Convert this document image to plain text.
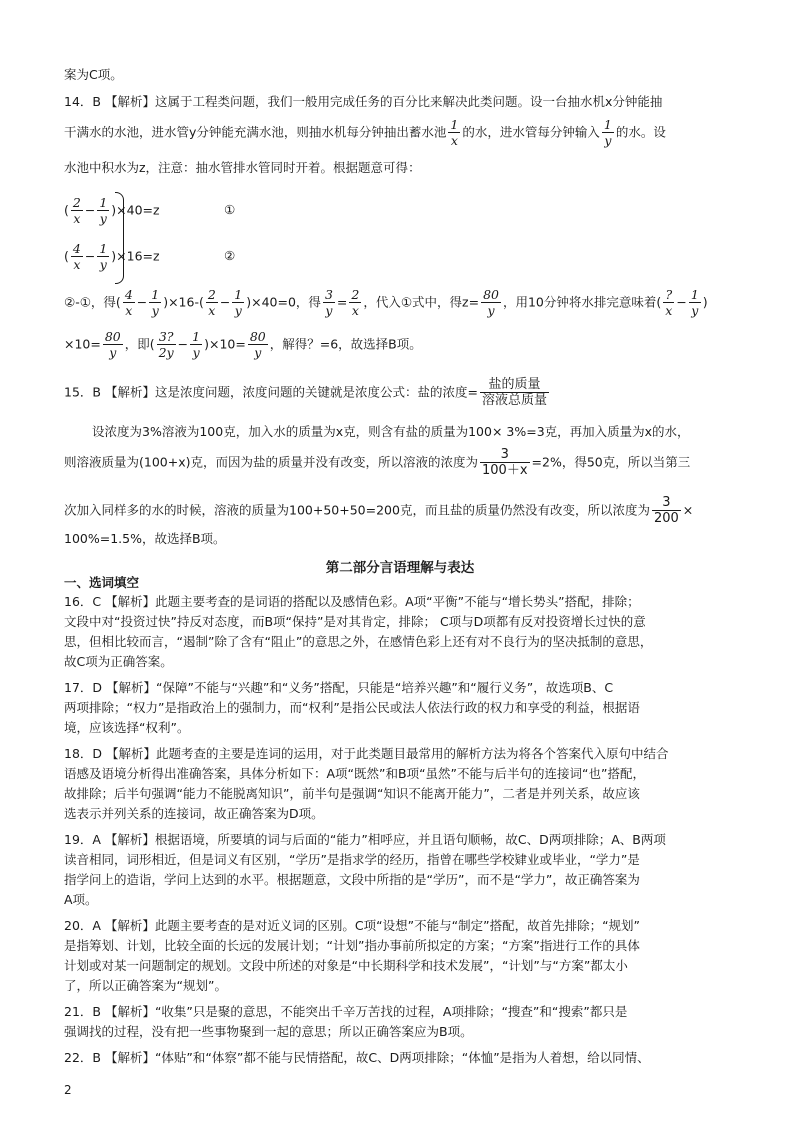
案为C项。
14．B 【解析】这属于工程类问题，我们一般用完成任务的百分比来解决此类问题。设一台抽水机x分钟能抽
干满水的水池，进水管y分钟能充满水池，则抽水机每分钟抽出蓄水池 $\frac{1}{x}$ 的水，进水管每分钟输入 $\frac{1}{y}$ 的水。设
水池中积水为z，注意：抽水管排水管同时开着。根据题意可得：
( $\frac{2}{x} - \frac{1}{y} )\times 40=z$	①
( $\frac{4}{x} - \frac{1}{y} )\times 16=z$	②
②-①，得( $\frac{4}{x} - \frac{1}{y} )\times 16-( \frac{2}{x} - \frac{1}{y} )\times 40=0$，得 $\frac{3}{y} = \frac{2}{x}$ ，代入①式中，得$z= \frac{80}{y}$ ，用10分钟将水排完意味着( $\frac{?}{x} - \frac{1}{y}$ )
$\times 10= \frac{80}{y}$ ，即( $\frac{3?}{2y} - \frac{1}{y} )\times 10= \frac{80}{y}$ ，解得？=6，故选择B项。
15．B 【解析】这是浓度问题，浓度问题的关键就是浓度公式：盐的浓度= $\frac{\text{盐的质量}}{\text{溶液总质量}}$
设浓度为3%溶液为100克，加入水的质量为x克，则含有盐的质量为100× 3%=3克，再加入质量为x的水，
则溶液质量为(100+x)克，而因为盐的质量并没有改变，所以溶液的浓度为 $\frac{3}{100+x} =2\%$，得50克，所以当第三
次加入同样多的水的时候，溶液的质量为100+50+50=200克，而且盐的质量仍然没有改变，所以浓度为 $\frac{3}{200}$ ×
100%=1.5%，故选择B项。
第二部分言语理解与表达
一、选词填空
16．C 【解析】此题主要考查的是词语的搭配以及感情色彩。A项“平衡”不能与“增长势头”搭配，排除；
文段中对“投资过快”持反对态度，而B项“保持”是对其肯定，排除； C项与D项都有反对投资增长过快的意
思，但相比较而言，“遏制”除了含有“阻止”的意思之外，在感情色彩上还有对不良行为的坚决抵制的意思，
故C项为正确答案。
17．D 【解析】“保障”不能与“兴趣”和“义务”搭配，只能是“培养兴趣”和“履行义务”，故选项B、C
两项排除；“权力”是指政治上的强制力，而“权利”是指公民或法人依法行政的权力和享受的利益，根据语
境，应该选择“权利”。
18．D 【解析】此题考查的主要是连词的运用，对于此类题目最常用的解析方法为将各个答案代入原句中结合
语感及语境分析得出准确答案，具体分析如下：A项“既然”和B项“虽然”不能与后半句的连接词“也”搭配，
故排除；后半句强调“能力不能脱离知识”，前半句是强调“知识不能离开能力”，二者是并列关系，故应该
选表示并列关系的连接词，故正确答案为D项。
19．A 【解析】根据语境，所要填的词与后面的“能力”相呼应，并且语句顺畅，故C、D两项排除；A、B两项
读音相同，词形相近，但是词义有区别，“学历”是指求学的经历，指曾在哪些学校肄业或毕业，“学力”是
指学问上的造诣，学问上达到的水平。根据题意，文段中所指的是“学历”，而不是“学力”，故正确答案为
A项。
20．A 【解析】此题主要考查的是对近义词的区别。C项“设想”不能与“制定”搭配，故首先排除；“规划”
是指筹划、计划，比较全面的长远的发展计划；“计划”指办事前所拟定的方案；“方案”指进行工作的具体
计划或对某一问题制定的规划。文段中所述的对象是“中长期科学和技术发展”，“计划”与“方案”都太小
了，所以正确答案为“规划”。
21．B 【解析】“收集”只是聚的意思，不能突出千辛万苦找的过程，A项排除；“搜查”和“搜索”都只是
强调找的过程，没有把一些事物聚到一起的意思；所以正确答案应为B项。
22．B 【解析】“体贴”和“体察”都不能与民情搭配，故C、D两项排除；“体恤”是指为人着想，给以同情、
2
